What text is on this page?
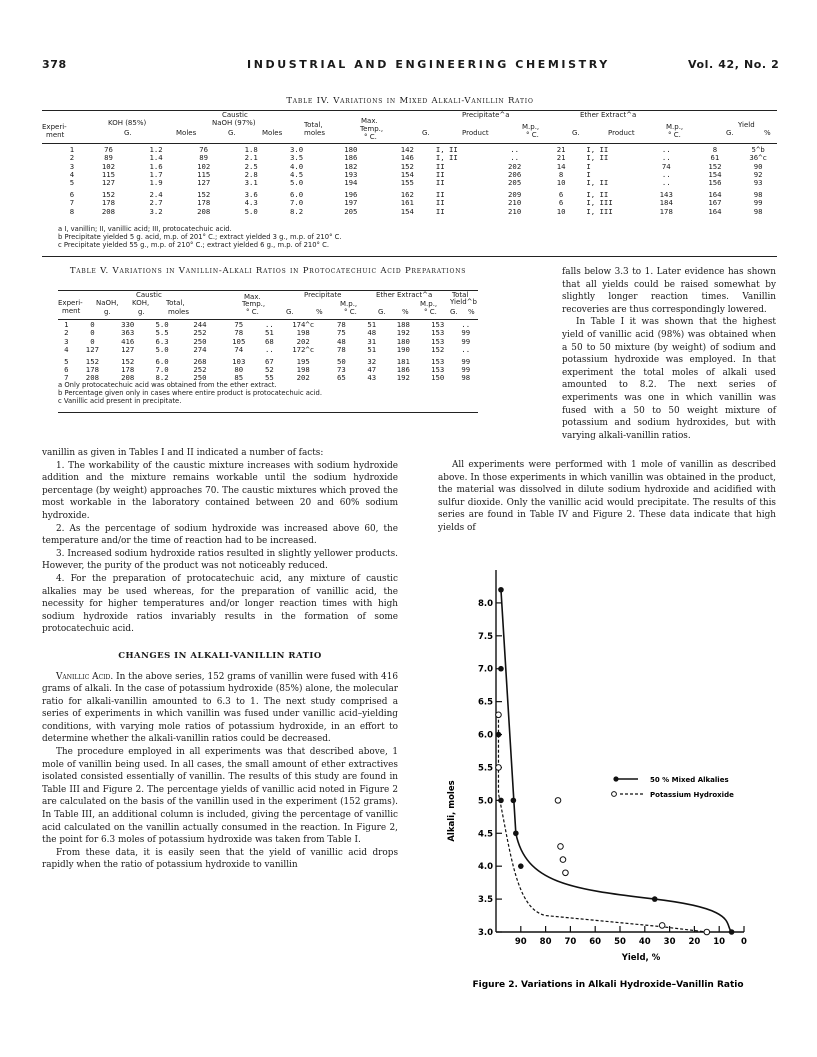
378	INDUSTRIAL AND ENGINEERING CHEMISTRY	Vol. 42, No. 2
Table IV. Variations in Mixed Alkali-Vanillin Ratio
Caustic
Max.
Precipitate^a	Ether Extract^a
Experi-
ment
KOH (85%)	NaOH (97%)	Total,
moles	Temp.,
° C.
G.	Moles	G.	Moles	G.	Product
M.p.,
° C.	G.	Product
M.p.,
° C.
Yield
G.	%
1	76	1.2	76	1.8	3.0	180	142	I, II	..	21	I, II	..	8	5^b
2	89	1.4	89	2.1	3.5	186	146	I, II	..	21	I, II	..	61	36^c
3	102	1.6	102	2.5	4.0	182	152	II	202	14	I	74	152	90
4	115	1.7	115	2.8	4.5	193	154	II	206	8	I	..	154	92
5	127	1.9	127	3.1	5.0	194	155	II	205	10	I, II	..	156	93
6	152	2.4	152	3.6	6.0	196	162	II	209	6	I, II	143	164	98
7	178	2.7	178	4.3	7.0	197	161	II	210	6	I, III	184	167	99
8	208	3.2	208	5.0	8.2	205	154	II	210	10	I, III	178	164	98
a I, vanillin; II, vanillic acid; III, protocatechuic acid.
b Precipitate yielded 5 g. acid, m.p. of 201° C.; extract yielded 3 g., m.p. of 210° C.
c Precipitate yielded 55 g., m.p. of 210° C.; extract yielded 6 g., m.p. of 210° C.
Table V. Variations in Vanillin-Alkali Ratios in Protocatechuic Acid Preparations
Caustic	Max.	Precipitate	Ether Extract^a	Total
Yield^b
Experi-
ment
NaOH, KOH, Total,	Temp.,
g.	g.	moles	° C.	G.	%
M.p.,
° C.	G. %
M.p.,
° C. G. %
1	0	330	5.0	244	75	..	174^c	78	51	188	153	..
2	0	363	5.5	252	78	51	198	75	48	192	153	99
3	0	416	6.3	250	105	68	202	48	31	180	153	99
4	127	127	5.0	274	74	..	172^c	78	51	190	152	..
5	152	152	6.0	268	103	67	195	50	32	181	153	99
6	178	178	7.0	252	80	52	198	73	47	186	153	99
7	208	208	8.2	250	85	55	202	65	43	192	150	98
a Only protocatechuic acid was obtained from the ether extract.
b Percentage given only in cases where entire product is protocatechuic acid.
c Vanillic acid present in precipitate.

falls below 3.3 to 1. Later evidence has shown that all yields could be raised somewhat by slightly longer reaction times. Vanillin recoveries are thus correspondingly lowered.

In Table I it was shown that the highest yield of vanillic acid (98%) was obtained when a 50 to 50 mixture (by weight) of sodium and potassium hydroxide was employed. In that experiment the total moles of alkali used amounted to 8.2. The next series of experiments was one in which vanillin was fused with a 50 to 50 weight mixture of potassium and sodium hydroxides, but with varying alkali-vanillin ratios.

All experiments were performed with 1 mole of vanillin as described above. In those experiments in which vanillin was obtained in the product, the material was dissolved in dilute sodium hydroxide and acidified with sulfur dioxide. Only the vanillic acid would precipitate. The results of this series are found in Table IV and Figure 2. These data indicate that high yields of

vanillin as given in Tables I and II indicated a number of facts:

1. The workability of the caustic mixture increases with sodium hydroxide addition and the mixture remains workable until the sodium hydroxide percentage (by weight) approaches 70. The caustic mixtures which proved the most workable in the laboratory contained between 20 and 60% sodium hydroxide.

2. As the percentage of sodium hydroxide was increased above 60, the temperature and/or the time of reaction had to be increased.

3. Increased sodium hydroxide ratios resulted in slightly yellower products. However, the purity of the product was not noticeably reduced.

4. For the preparation of protocatechuic acid, any mixture of caustic alkalies may be used whereas, for the preparation of vanillic acid, the necessity for higher temperatures and/or longer reaction times with high sodium hydroxide ratios invariably results in the formation of some protocatechuic acid.

CHANGES IN ALKALI-VANILLIN RATIO

Vanillic Acid. In the above series, 152 grams of vanillin were fused with 416 grams of alkali. In the case of potassium hydroxide (85%) alone, the molecular ratio for alkali-vanillin amounted to 6.3 to 1. The next study comprised a series of experiments in which vanillin was fused under vanillic acid–yielding conditions, with varying mole ratios of potassium hydroxide, in an effort to determine whether the alkali-vanillin ratios could be decreased.

The procedure employed in all experiments was that described above, 1 mole of vanillin being used. In all cases, the small amount of ether extractives isolated consisted essentially of vanillin. The results of this study are found in Table III and Figure 2. The percentage yields of vanillic acid noted in Figure 2 are calculated on the basis of the vanillin used in the experiment (152 grams). In Table III, an additional column is included, giving the percentage of vanillic acid calculated on the vanillin actually consumed in the reaction. In Figure 2, the point for 6.3 moles of potassium hydroxide was taken from Table I.

From these data, it is easily seen that the yield of vanillic acid drops rapidly when the ratio of potassium hydroxide to vanillin

3.0
3.5
4.0
4.5
5.0
5.5
6.0
6.5
7.0
7.5
8.0
90 80 70 60 50 40 30 20 10 0
Yield, %
Alkali, moles
50 % Mixed Alkalies
Potassium Hydroxide
Figure 2. Variations in Alkali Hydroxide–Vanillin Ratio
